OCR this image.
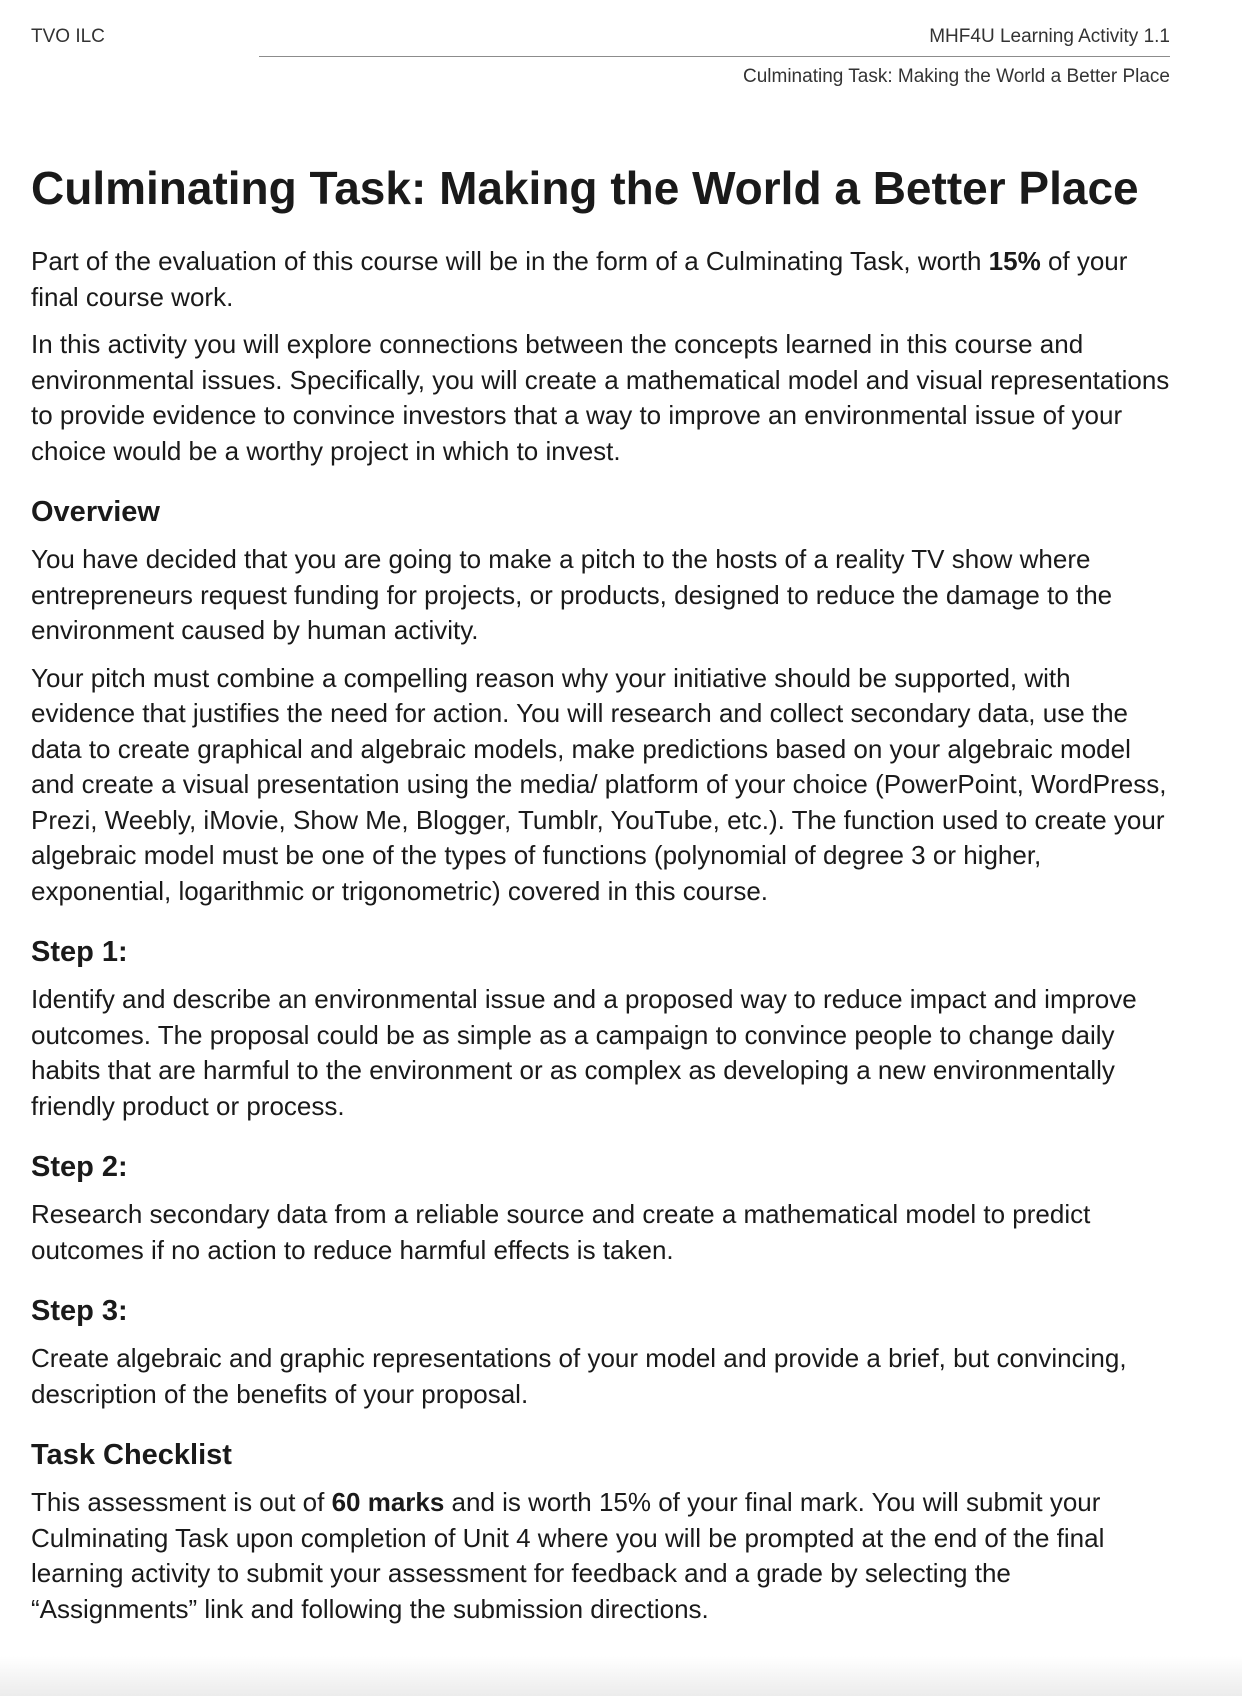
TVO ILC	MHF4U Learning Activity 1.1
Culminating Task: Making the World a Better Place
Culminating Task: Making the World a Better Place

Part of the evaluation of this course will be in the form of a Culminating Task, worth 15% of your final course work.

In this activity you will explore connections between the concepts learned in this course and environmental issues. Specifically, you will create a mathematical model and visual representations to provide evidence to convince investors that a way to improve an environmental issue of your choice would be a worthy project in which to invest.

Overview

You have decided that you are going to make a pitch to the hosts of a reality TV show where entrepreneurs request funding for projects, or products, designed to reduce the damage to the environment caused by human activity.

Your pitch must combine a compelling reason why your initiative should be supported, with evidence that justifies the need for action. You will research and collect secondary data, use the data to create graphical and algebraic models, make predictions based on your algebraic model and create a visual presentation using the media/ platform of your choice (PowerPoint, WordPress, Prezi, Weebly, iMovie, Show Me, Blogger, Tumblr, YouTube, etc.). The function used to create your algebraic model must be one of the types of functions (polynomial of degree 3 or higher, exponential, logarithmic or trigonometric) covered in this course.

Step 1:

Identify and describe an environmental issue and a proposed way to reduce impact and improve outcomes. The proposal could be as simple as a campaign to convince people to change daily habits that are harmful to the environment or as complex as developing a new environmentally friendly product or process.

Step 2:

Research secondary data from a reliable source and create a mathematical model to predict outcomes if no action to reduce harmful effects is taken.

Step 3:

Create algebraic and graphic representations of your model and provide a brief, but convincing, description of the benefits of your proposal.

Task Checklist

This assessment is out of 60 marks and is worth 15% of your final mark. You will submit your Culminating Task upon completion of Unit 4 where you will be prompted at the end of the final learning activity to submit your assessment for feedback and a grade by selecting the “Assignments” link and following the submission directions.
